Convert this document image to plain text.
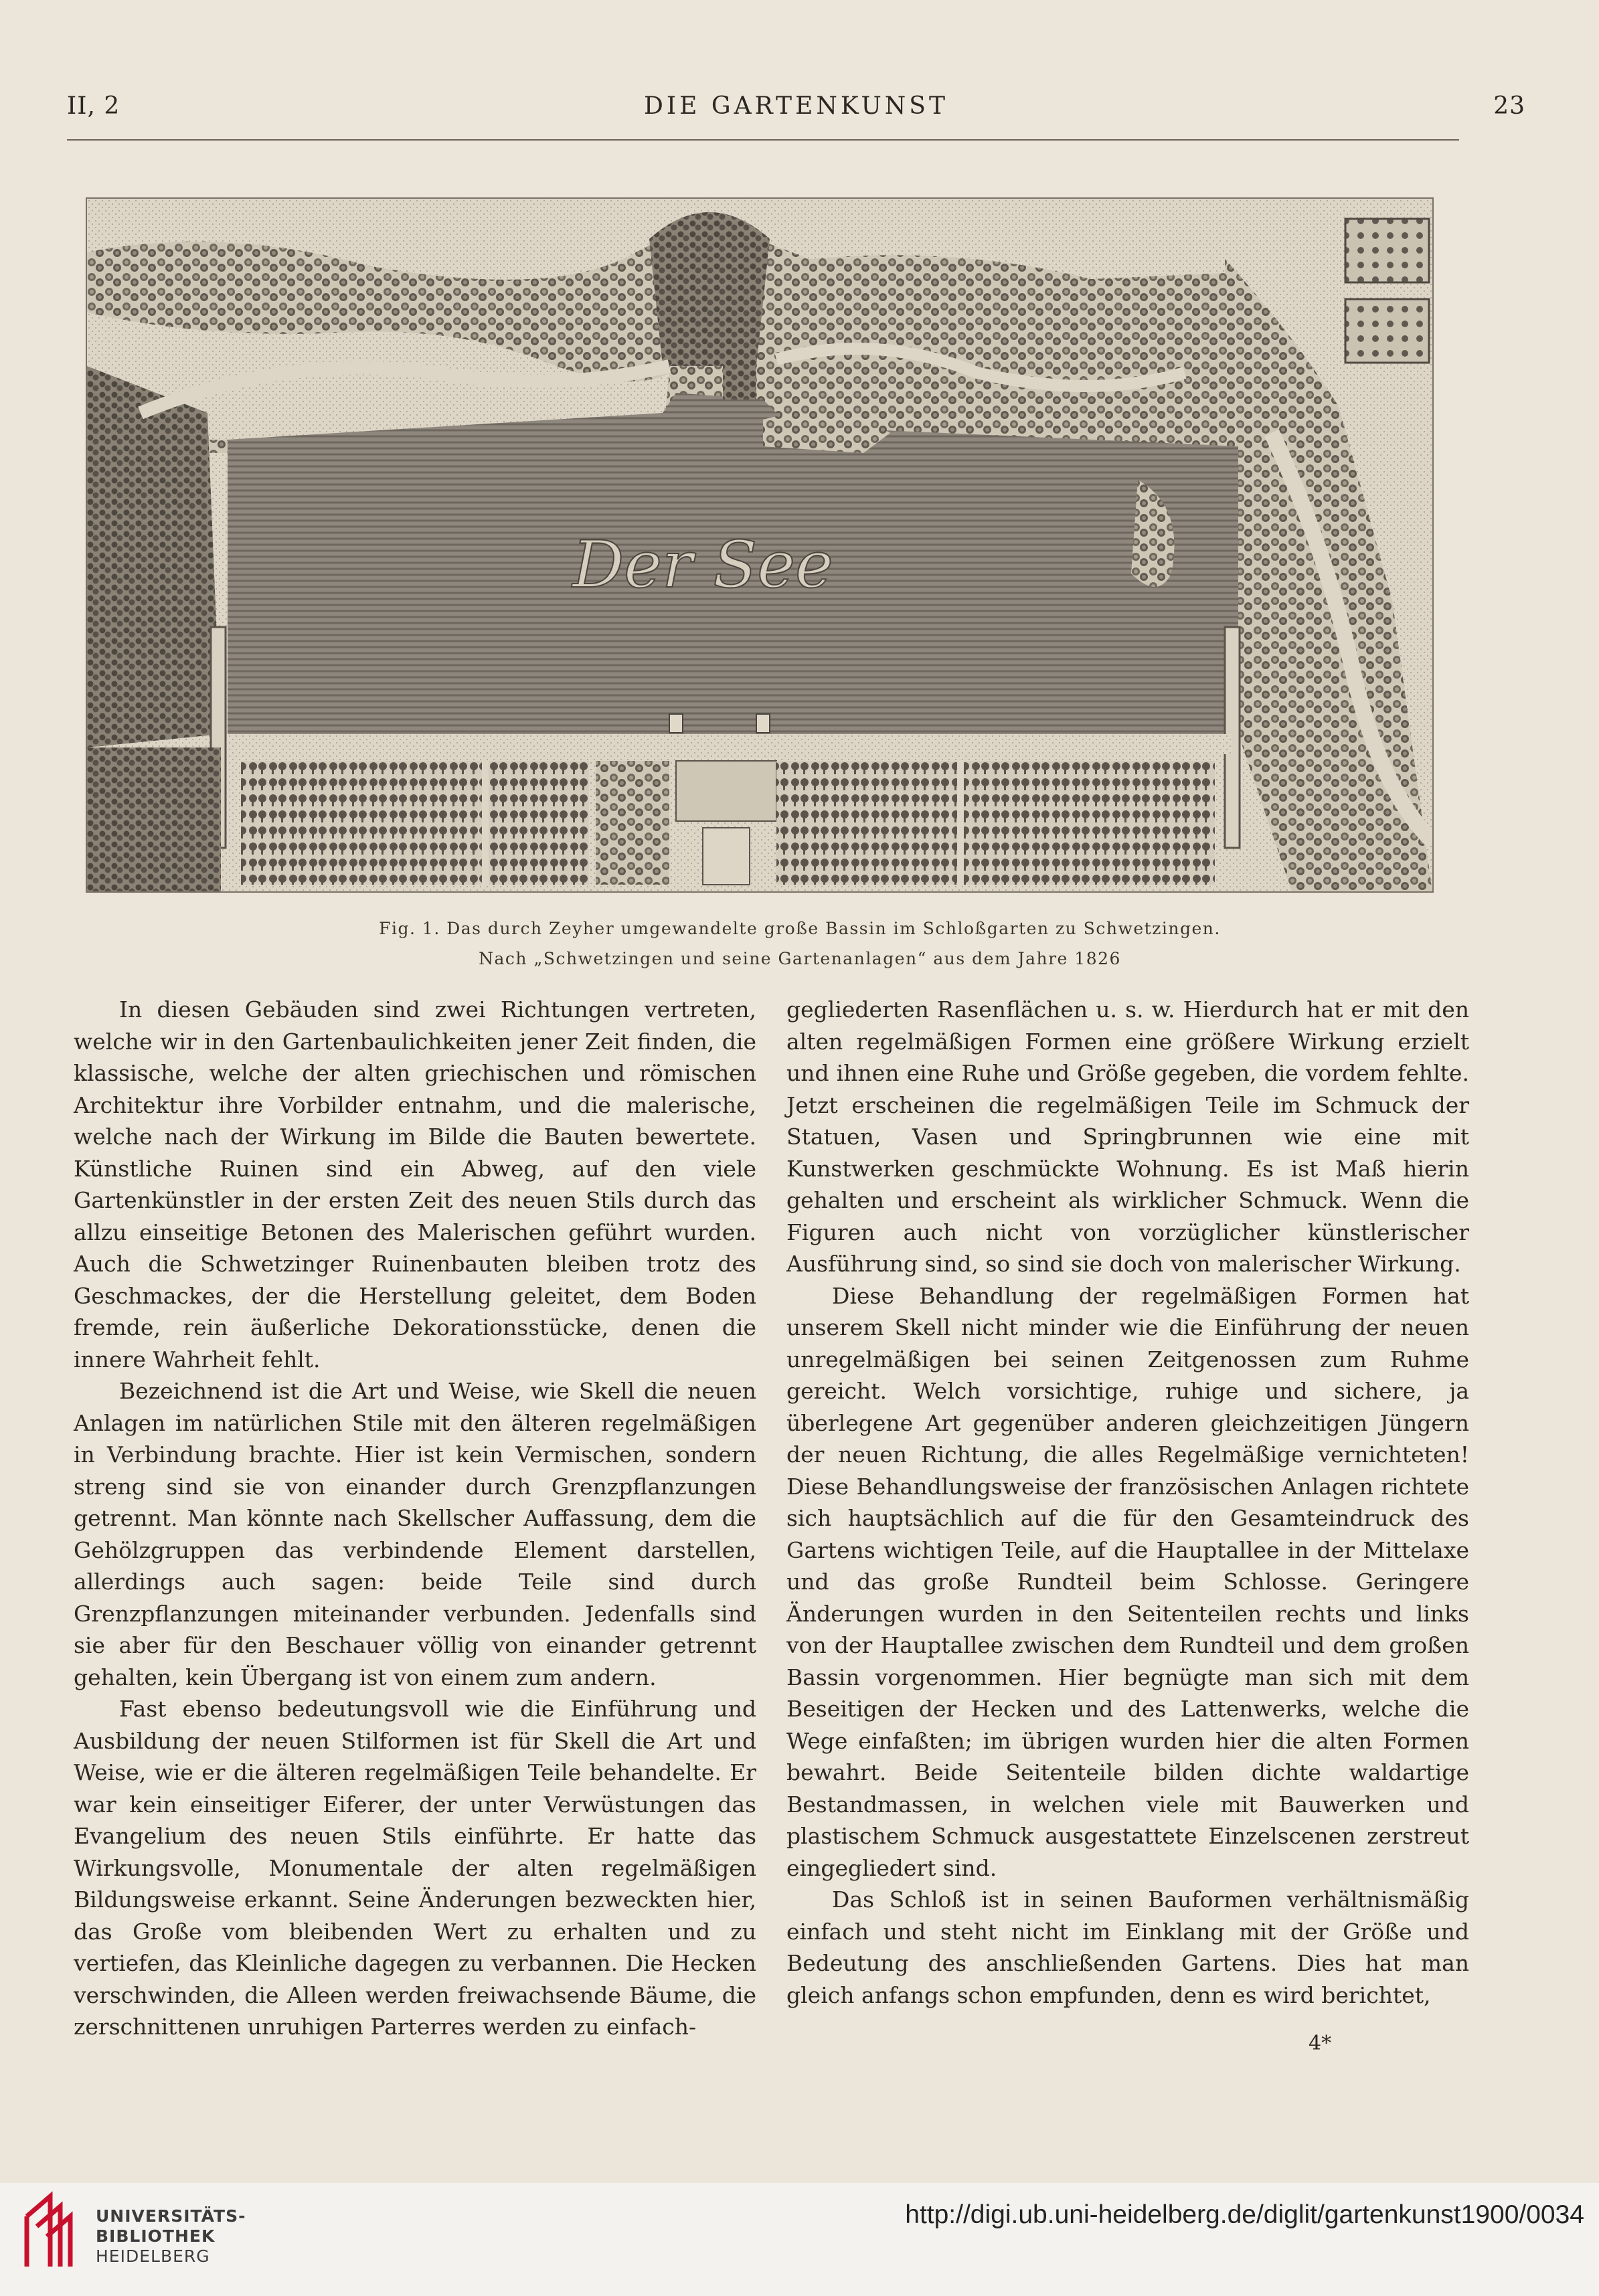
II, 2	DIE GARTENKUNST	23
Der See
Fig. 1. Das durch Zeyher umgewandelte große Bassin im Schloßgarten zu Schwetzingen.
Nach „Schwetzingen und seine Gartenanlagen“ aus dem Jahre 1826

In diesen Gebäuden sind zwei Richtungen vertreten, welche wir in den Gartenbaulichkeiten jener Zeit finden, die klassische, welche der alten griechischen und römischen Architektur ihre Vorbilder entnahm, und die malerische, welche nach der Wirkung im Bilde die Bauten bewertete. Künstliche Ruinen sind ein Abweg, auf den viele Gartenkünstler in der ersten Zeit des neuen Stils durch das allzu einseitige Betonen des Malerischen geführt wurden. Auch die Schwetzinger Ruinenbauten bleiben trotz des Geschmackes, der die Herstellung geleitet, dem Boden fremde, rein äußerliche Dekorationsstücke, denen die innere Wahrheit fehlt.

Bezeichnend ist die Art und Weise, wie Skell die neuen Anlagen im natürlichen Stile mit den älteren regelmäßigen in Verbindung brachte. Hier ist kein Vermischen, sondern streng sind sie von einander durch Grenzpflanzungen getrennt. Man könnte nach Skellscher Auffassung, dem die Gehölzgruppen das verbindende Element darstellen, allerdings auch sagen: beide Teile sind durch Grenzpflanzungen miteinander verbunden. Jedenfalls sind sie aber für den Beschauer völlig von einander getrennt gehalten, kein Übergang ist von einem zum andern.

Fast ebenso bedeutungsvoll wie die Einführung und Ausbildung der neuen Stilformen ist für Skell die Art und Weise, wie er die älteren regelmäßigen Teile behandelte. Er war kein einseitiger Eiferer, der unter Verwüstungen das Evangelium des neuen Stils einführte. Er hatte das Wirkungsvolle, Monumentale der alten regelmäßigen Bildungsweise erkannt. Seine Änderungen bezweckten hier, das Große vom bleibenden Wert zu erhalten und zu vertiefen, das Kleinliche dagegen zu verbannen. Die Hecken verschwinden, die Alleen werden freiwachsende Bäume, die zerschnittenen unruhigen Parterres werden zu einfach-

gegliederten Rasenflächen u. s. w. Hierdurch hat er mit den alten regelmäßigen Formen eine größere Wirkung erzielt und ihnen eine Ruhe und Größe gegeben, die vordem fehlte. Jetzt erscheinen die regelmäßigen Teile im Schmuck der Statuen, Vasen und Springbrunnen wie eine mit Kunstwerken geschmückte Wohnung. Es ist Maß hierin gehalten und erscheint als wirklicher Schmuck. Wenn die Figuren auch nicht von vorzüglicher künstlerischer Ausführung sind, so sind sie doch von malerischer Wirkung.

Diese Behandlung der regelmäßigen Formen hat unserem Skell nicht minder wie die Einführung der neuen unregelmäßigen bei seinen Zeitgenossen zum Ruhme gereicht. Welch vorsichtige, ruhige und sichere, ja überlegene Art gegenüber anderen gleichzeitigen Jüngern der neuen Richtung, die alles Regelmäßige vernichteten! Diese Behandlungsweise der französischen Anlagen richtete sich hauptsächlich auf die für den Gesamteindruck des Gartens wichtigen Teile, auf die Hauptallee in der Mittelaxe und das große Rundteil beim Schlosse. Geringere Änderungen wurden in den Seitenteilen rechts und links von der Hauptallee zwischen dem Rundteil und dem großen Bassin vorgenommen. Hier begnügte man sich mit dem Beseitigen der Hecken und des Lattenwerks, welche die Wege einfaßten; im übrigen wurden hier die alten Formen bewahrt. Beide Seitenteile bilden dichte waldartige Bestandmassen, in welchen viele mit Bauwerken und plastischem Schmuck ausgestattete Einzelscenen zerstreut eingegliedert sind.

Das Schloß ist in seinen Bauformen verhältnismäßig einfach und steht nicht im Einklang mit der Größe und Bedeutung des anschließenden Gartens. Dies hat man gleich anfangs schon empfunden, denn es wird berichtet,

4*
UNIVERSITÄTS-
BIBLIOTHEK
HEIDELBERG
http://digi.ub.uni-heidelberg.de/diglit/gartenkunst1900/0034
